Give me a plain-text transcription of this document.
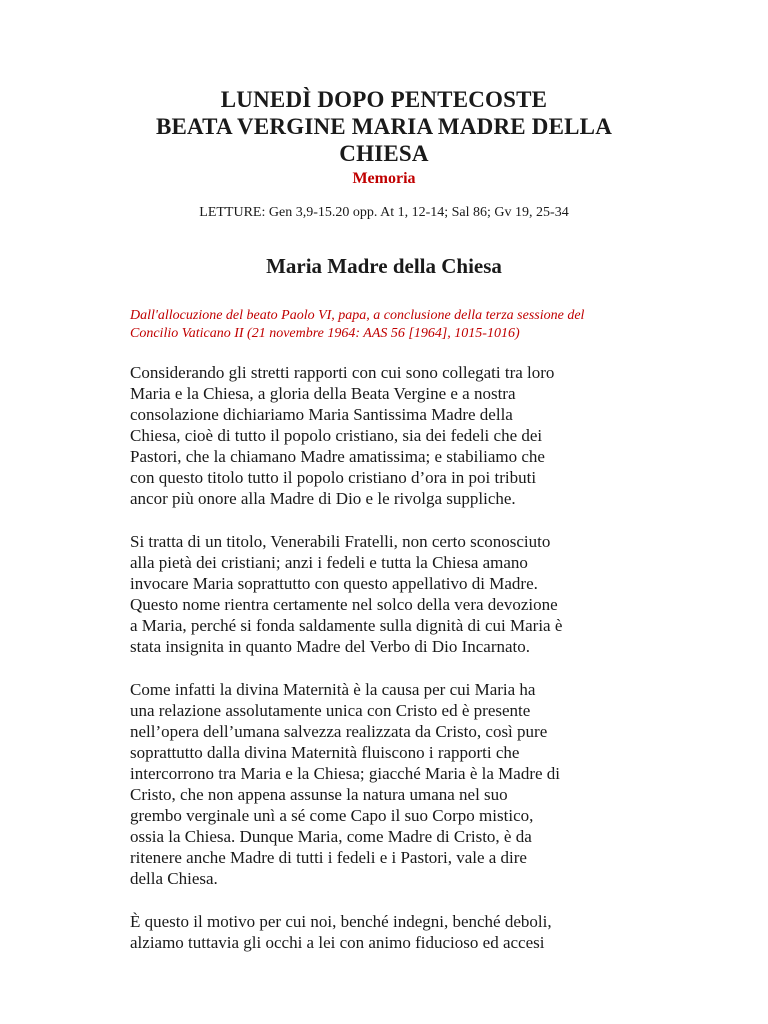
LUNEDÌ DOPO PENTECOSTE
BEATA VERGINE MARIA MADRE DELLA
CHIESA
Memoria
LETTURE: Gen 3,9-15.20 opp. At 1, 12-14; Sal 86; Gv 19, 25-34
Maria Madre della Chiesa
Dall'allocuzione del beato Paolo VI, papa, a conclusione della terza sessione del
Concilio Vaticano II (21 novembre 1964: AAS 56 [1964], 1015-1016)
Considerando gli stretti rapporti con cui sono collegati tra loro
Maria e la Chiesa, a gloria della Beata Vergine e a nostra
consolazione dichiariamo Maria Santissima Madre della
Chiesa, cioè di tutto il popolo cristiano, sia dei fedeli che dei
Pastori, che la chiamano Madre amatissima; e stabiliamo che
con questo titolo tutto il popolo cristiano d’ora in poi tributi
ancor più onore alla Madre di Dio e le rivolga suppliche.
Si tratta di un titolo, Venerabili Fratelli, non certo sconosciuto
alla pietà dei cristiani; anzi i fedeli e tutta la Chiesa amano
invocare Maria soprattutto con questo appellativo di Madre.
Questo nome rientra certamente nel solco della vera devozione
a Maria, perché si fonda saldamente sulla dignità di cui Maria è
stata insignita in quanto Madre del Verbo di Dio Incarnato.
Come infatti la divina Maternità è la causa per cui Maria ha
una relazione assolutamente unica con Cristo ed è presente
nell’opera dell’umana salvezza realizzata da Cristo, così pure
soprattutto dalla divina Maternità fluiscono i rapporti che
intercorrono tra Maria e la Chiesa; giacché Maria è la Madre di
Cristo, che non appena assunse la natura umana nel suo
grembo verginale unì a sé come Capo il suo Corpo mistico,
ossia la Chiesa. Dunque Maria, come Madre di Cristo, è da
ritenere anche Madre di tutti i fedeli e i Pastori, vale a dire
della Chiesa.
È questo il motivo per cui noi, benché indegni, benché deboli,
alziamo tuttavia gli occhi a lei con animo fiducioso ed accesi
